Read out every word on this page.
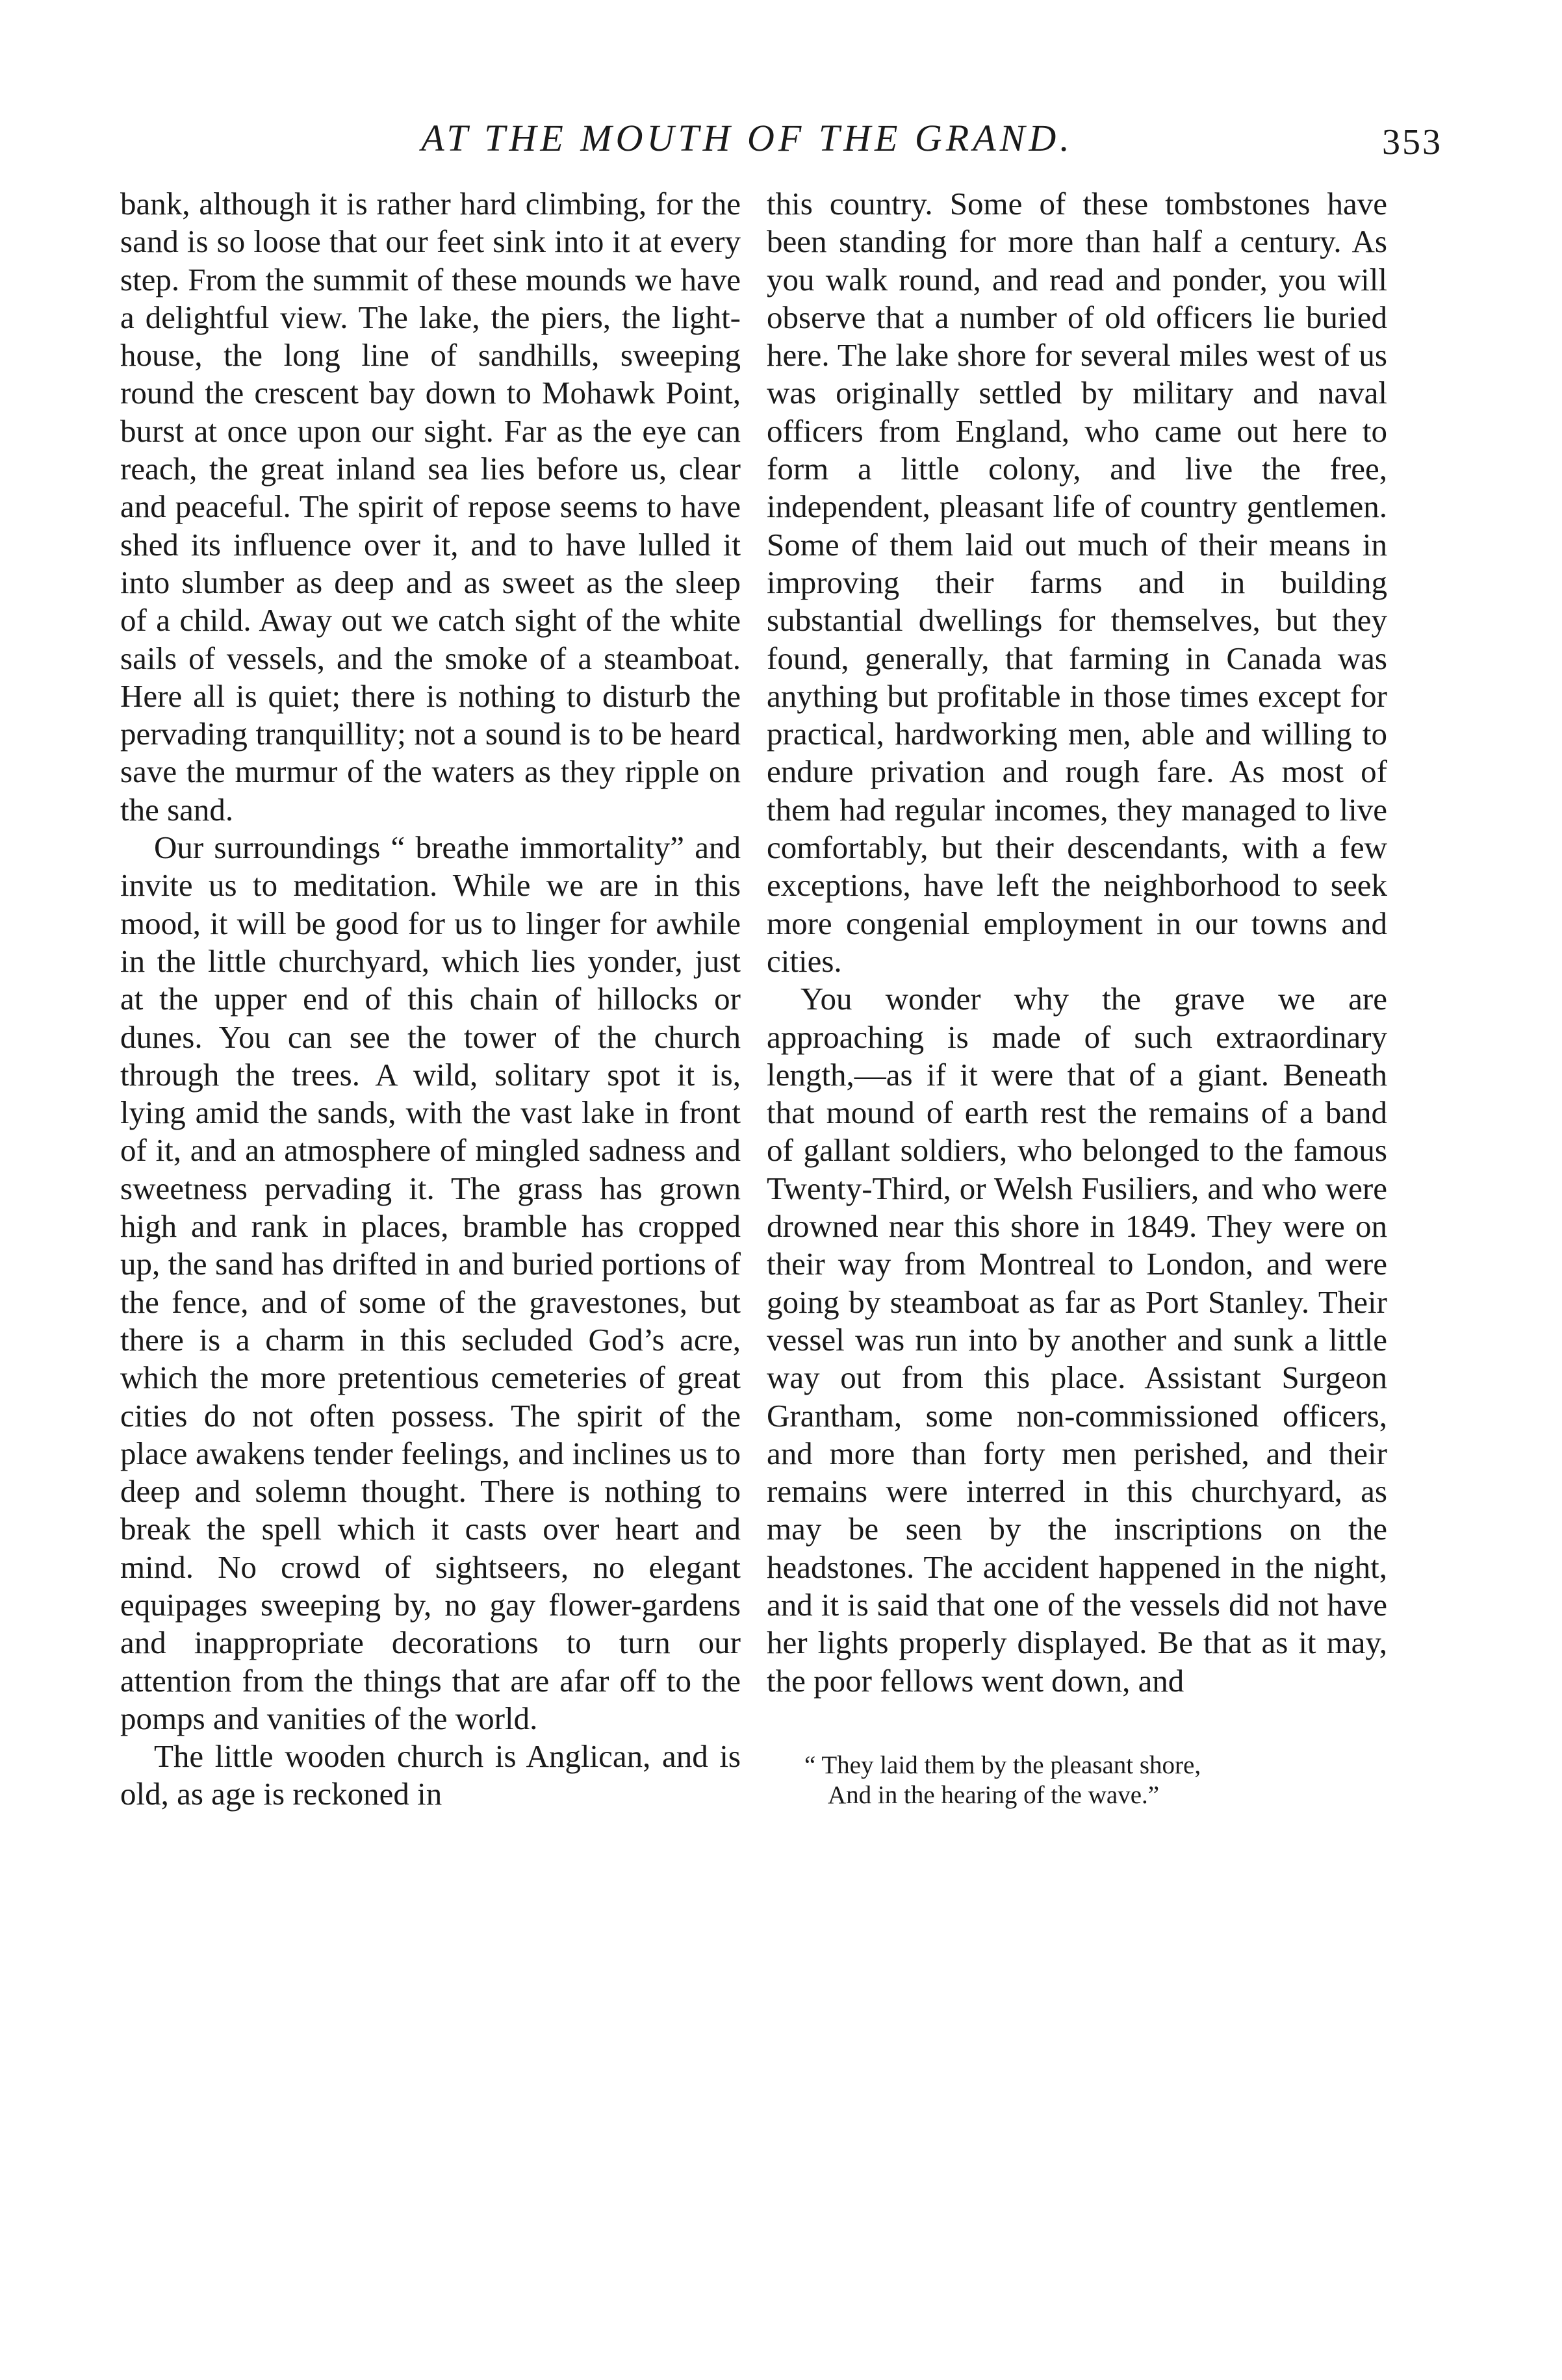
AT THE MOUTH OF THE GRAND.	353

bank, although it is rather hard climbing, for the sand is so loose that our feet sink into it at every step. From the summit of these mounds we have a delightful view. The lake, the piers, the light-house, the long line of sandhills, sweeping round the crescent bay down to Mohawk Point, burst at once upon our sight. Far as the eye can reach, the great inland sea lies before us, clear and peaceful. The spirit of repose seems to have shed its influence over it, and to have lulled it into slumber as deep and as sweet as the sleep of a child. Away out we catch sight of the white sails of vessels, and the smoke of a steamboat. Here all is quiet; there is nothing to disturb the pervading tranquillity; not a sound is to be heard save the murmur of the waters as they ripple on the sand.

Our surroundings “ breathe immortality” and invite us to meditation. While we are in this mood, it will be good for us to linger for awhile in the little churchyard, which lies yonder, just at the upper end of this chain of hillocks or dunes. You can see the tower of the church through the trees. A wild, solitary spot it is, lying amid the sands, with the vast lake in front of it, and an atmosphere of mingled sadness and sweetness pervading it. The grass has grown high and rank in places, bramble has cropped up, the sand has drifted in and buried portions of the fence, and of some of the gravestones, but there is a charm in this secluded God’s acre, which the more pretentious cemeteries of great cities do not often possess. The spirit of the place awakens tender feelings, and inclines us to deep and solemn thought. There is nothing to break the spell which it casts over heart and mind. No crowd of sightseers, no elegant equipages sweeping by, no gay flower-gardens and inappropriate decorations to turn our attention from the things that are afar off to the pomps and vanities of the world.

The little wooden church is Anglican, and is old, as age is reckoned in

this country. Some of these tombstones have been standing for more than half a century. As you walk round, and read and ponder, you will observe that a number of old officers lie buried here. The lake shore for several miles west of us was originally settled by military and naval officers from England, who came out here to form a little colony, and live the free, independent, pleasant life of country gentlemen. Some of them laid out much of their means in improving their farms and in building substantial dwellings for themselves, but they found, generally, that farming in Canada was anything but profitable in those times except for practical, hardworking men, able and willing to endure privation and rough fare. As most of them had regular incomes, they managed to live comfortably, but their descendants, with a few exceptions, have left the neighborhood to seek more congenial employment in our towns and cities.

You wonder why the grave we are approaching is made of such extraordinary length,—as if it were that of a giant. Beneath that mound of earth rest the remains of a band of gallant soldiers, who belonged to the famous Twenty-Third, or Welsh Fusiliers, and who were drowned near this shore in 1849. They were on their way from Montreal to London, and were going by steamboat as far as Port Stanley. Their vessel was run into by another and sunk a little way out from this place. Assistant Surgeon Grantham, some non-commissioned officers, and more than forty men perished, and their remains were interred in this churchyard, as may be seen by the inscriptions on the headstones. The accident happened in the night, and it is said that one of the vessels did not have her lights properly displayed. Be that as it may, the poor fellows went down, and

“ They laid them by the pleasant shore,
And in the hearing of the wave.”
